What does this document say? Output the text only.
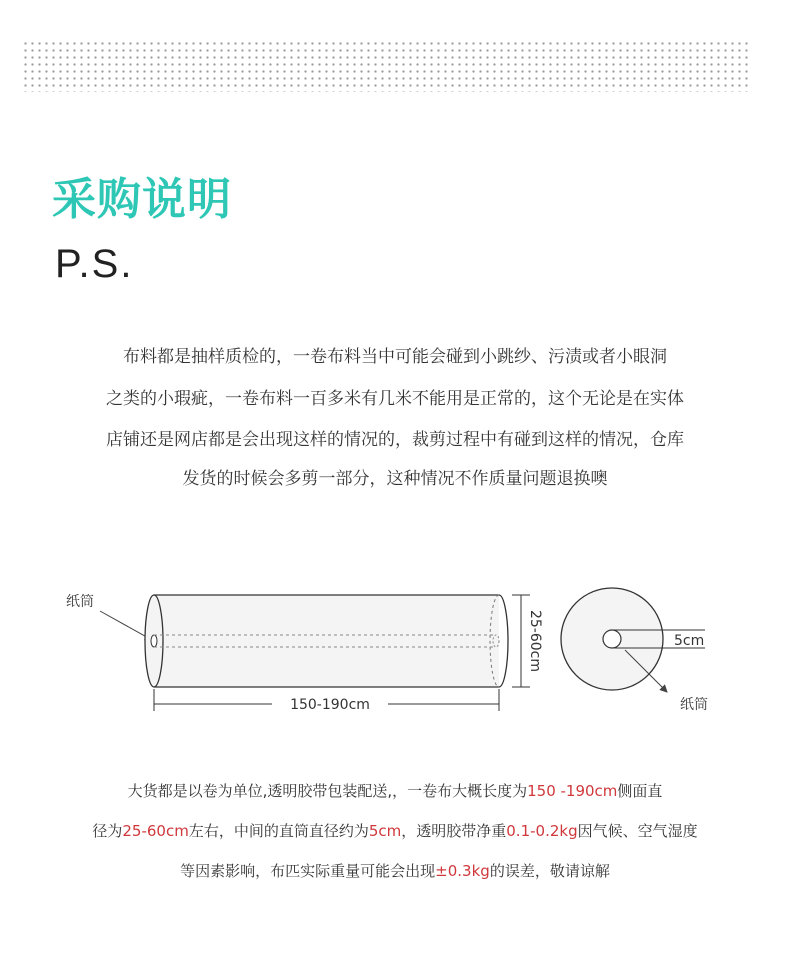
采购说明
P.S.
布料都是抽样质检的，一卷布料当中可能会碰到小跳纱、污渍或者小眼洞
之类的小瑕疵，一卷布料一百多米有几米不能用是正常的，这个无论是在实体
店铺还是网店都是会出现这样的情况的，裁剪过程中有碰到这样的情况，仓库
发货的时候会多剪一部分，这种情况不作质量问题退换噢
纸筒
150-190cm
25-60cm	5cm
纸筒
大货都是以卷为单位,透明胶带包装配送,，一卷布大概长度为150 -190cm侧面直
径为25-60cm左右，中间的直筒直径约为5cm，透明胶带净重0.1-0.2kg因气候、空气湿度
等因素影响，布匹实际重量可能会出现±0.3kg的误差，敬请谅解
